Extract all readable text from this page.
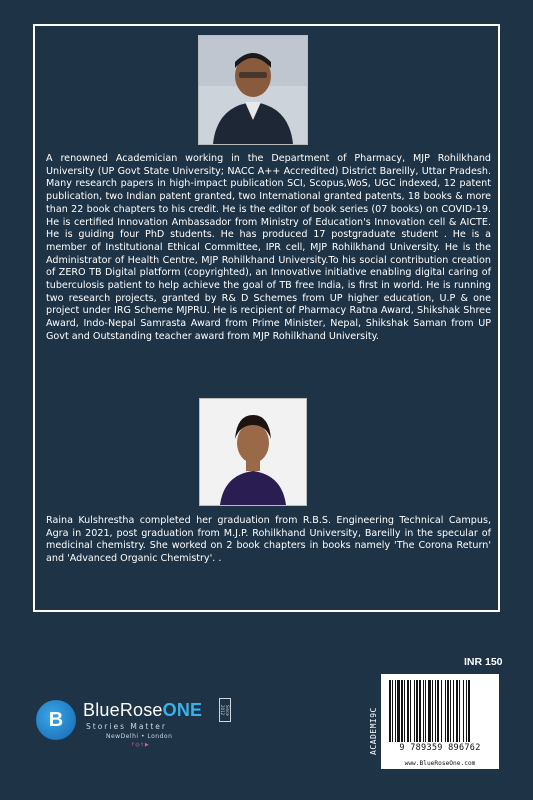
A renowned Academician working in the Department of Pharmacy, MJP Rohilkhand University (UP Govt State University; NACC A++ Accredited) District Bareilly, Uttar Pradesh. Many research papers in high-impact publication SCI, Scopus,WoS, UGC indexed, 12 patent publication, two Indian patent granted, two International granted patents, 18 books & more than 22 book chapters to his credit. He is the editor of book series (07 books) on COVID-19. He is certified Innovation Ambassador from Ministry of Education's Innovation cell & AICTE. He is guiding four PhD students. He has produced 17 postgraduate student . He is a member of Institutional Ethical Committee, IPR cell, MJP Rohilkhand University. He is the Administrator of Health Centre, MJP Rohilkhand University.To his social contribution creation of ZERO TB Digital platform (copyrighted), an Innovative initiative enabling digital caring of tuberculosis patient to help achieve the goal of TB free India, is first in world. He is running two research projects, granted by R& D Schemes from UP higher education, U.P & one project under IRG Scheme MJPRU. He is recipient of Pharmacy Ratna Award, Shikshak Shree Award, Indo-Nepal Samrasta Award from Prime Minister, Nepal, Shikshak Saman from UP Govt and Outstanding teacher award from MJP Rohilkhand University.
Raina Kulshrestha completed her graduation from R.B.S. Engineering Technical Campus, Agra in 2021, post graduation from M.J.P. Rohilkhand University, Bareilly in the specular of medicinal chemistry. She worked on 2 book chapters in books namely 'The Corona Return' and 'Advanced Organic Chemistry'. .
B BlueRoseONE	Since 2012
Stories Matter
NewDelhi • London
f ◎ t ▶
INR 150
ACADEMI9C	9 789359 896762
www.BlueRoseOne.com
